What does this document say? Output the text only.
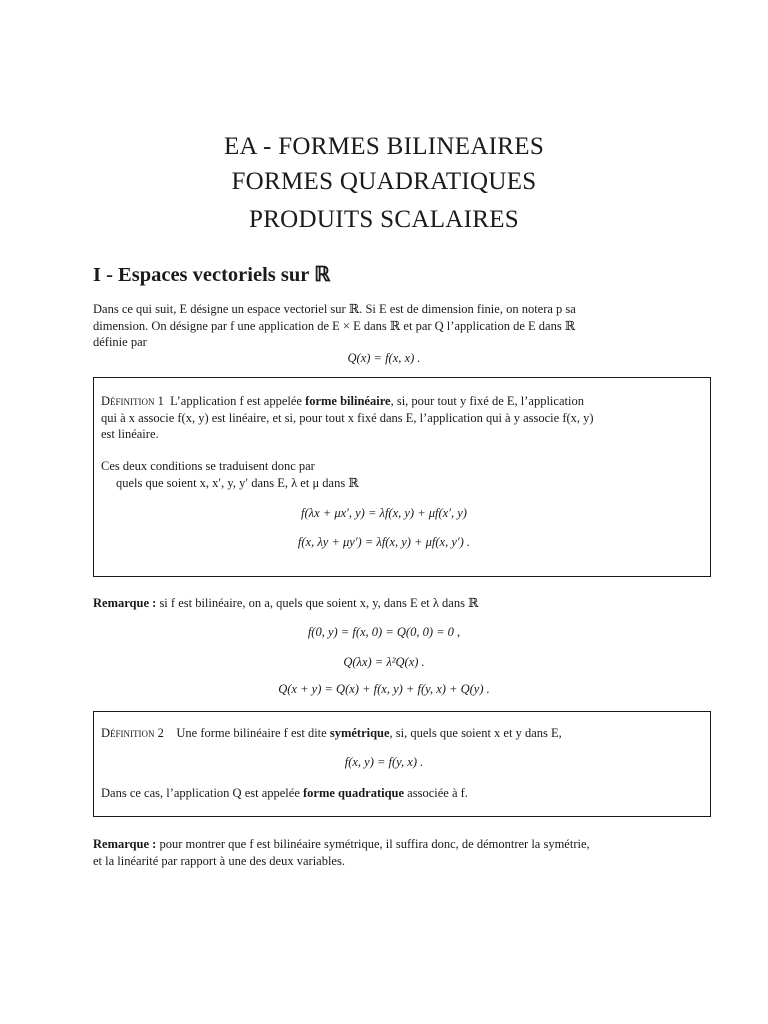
EA - FORMES BILINEAIRES
FORMES QUADRATIQUES
PRODUITS SCALAIRES
I - Espaces vectoriels sur ℝ

Dans ce qui suit, E désigne un espace vectoriel sur ℝ. Si E est de dimension finie, on notera p sa
dimension. On désigne par f une application de E × E dans ℝ et par Q l’application de E dans ℝ
définie par

Q(x) = f(x, x) .

Définition 1 L’application f est appelée forme bilinéaire, si, pour tout y fixé de E, l’application
qui à x associe f(x, y) est linéaire, et si, pour tout x fixé dans E, l’application qui à y associe f(x, y)
est linéaire.

Ces deux conditions se traduisent donc par
quels que soient x, x′, y, y′ dans E, λ et μ dans ℝ

f(λx + μx′, y) = λf(x, y) + μf(x′, y)
f(x, λy + μy′) = λf(x, y) + μf(x, y′) .

Remarque : si f est bilinéaire, on a, quels que soient x, y, dans E et λ dans ℝ

f(0, y) = f(x, 0) = Q(0, 0) = 0 ,
Q(λx) = λ²Q(x) .
Q(x + y) = Q(x) + f(x, y) + f(y, x) + Q(y) .

Définition 2 Une forme bilinéaire f est dite symétrique, si, quels que soient x et y dans E,

f(x, y) = f(y, x) .

Dans ce cas, l’application Q est appelée forme quadratique associée à f.

Remarque : pour montrer que f est bilinéaire symétrique, il suffira donc, de démontrer la symétrie,
et la linéarité par rapport à une des deux variables.
